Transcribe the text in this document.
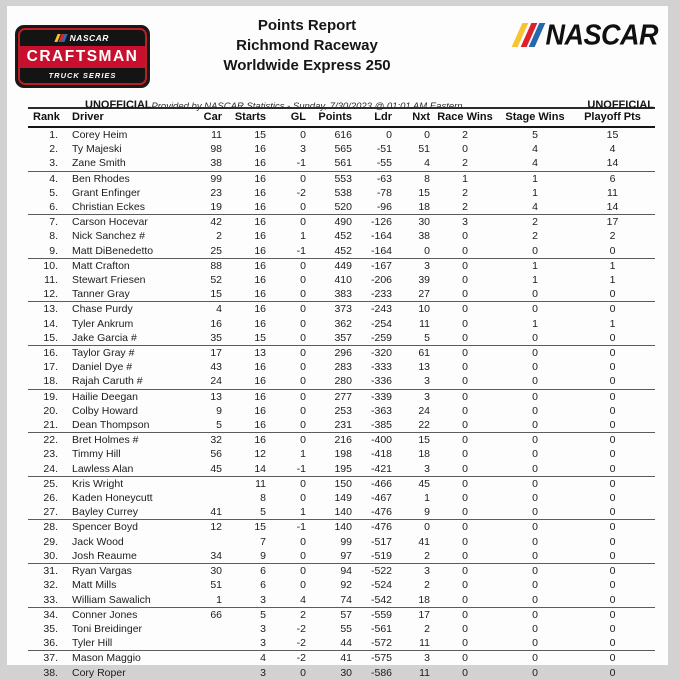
NASCAR
CRAFTSMAN
TRUCK SERIES
Points Report
Richmond Raceway
Worldwide Express 250
NASCAR
UNOFFICIAL Provided by NASCAR Statistics - Sunday, 7/30/2023 @ 01:01 AM Eastern	UNOFFICIAL
Rank	Driver	Car	Starts	GL	Points	Ldr	Nxt	Race Wins	Stage Wins	Playoff Pts
1.	Corey Heim	11	15	0	616	0	0	2	5	15
2.	Ty Majeski	98	16	3	565	-51	51	0	4	4
3.	Zane Smith	38	16	-1	561	-55	4	2	4	14
4.	Ben Rhodes	99	16	0	553	-63	8	1	1	6
5.	Grant Enfinger	23	16	-2	538	-78	15	2	1	11
6.	Christian Eckes	19	16	0	520	-96	18	2	4	14
7.	Carson Hocevar	42	16	0	490	-126	30	3	2	17
8.	Nick Sanchez #	2	16	1	452	-164	38	0	2	2
9.	Matt DiBenedetto	25	16	-1	452	-164	0	0	0	0
10.	Matt Crafton	88	16	0	449	-167	3	0	1	1
11.	Stewart Friesen	52	16	0	410	-206	39	0	1	1
12.	Tanner Gray	15	16	0	383	-233	27	0	0	0
13.	Chase Purdy	4	16	0	373	-243	10	0	0	0
14.	Tyler Ankrum	16	16	0	362	-254	11	0	1	1
15.	Jake Garcia #	35	15	0	357	-259	5	0	0	0
16.	Taylor Gray #	17	13	0	296	-320	61	0	0	0
17.	Daniel Dye #	43	16	0	283	-333	13	0	0	0
18.	Rajah Caruth #	24	16	0	280	-336	3	0	0	0
19.	Hailie Deegan	13	16	0	277	-339	3	0	0	0
20.	Colby Howard	9	16	0	253	-363	24	0	0	0
21.	Dean Thompson	5	16	0	231	-385	22	0	0	0
22.	Bret Holmes #	32	16	0	216	-400	15	0	0	0
23.	Timmy Hill	56	12	1	198	-418	18	0	0	0
24.	Lawless Alan	45	14	-1	195	-421	3	0	0	0
25.	Kris Wright		11	0	150	-466	45	0	0	0
26.	Kaden Honeycutt		8	0	149	-467	1	0	0	0
27.	Bayley Currey	41	5	1	140	-476	9	0	0	0
28.	Spencer Boyd	12	15	-1	140	-476	0	0	0	0
29.	Jack Wood		7	0	99	-517	41	0	0	0
30.	Josh Reaume	34	9	0	97	-519	2	0	0	0
31.	Ryan Vargas	30	6	0	94	-522	3	0	0	0
32.	Matt Mills	51	6	0	92	-524	2	0	0	0
33.	William Sawalich	1	3	4	74	-542	18	0	0	0
34.	Conner Jones	66	5	2	57	-559	17	0	0	0
35.	Toni Breidinger		3	-2	55	-561	2	0	0	0
36.	Tyler Hill		3	-2	44	-572	11	0	0	0
37.	Mason Maggio		4	-2	41	-575	3	0	0	0
38.	Cory Roper		3	0	30	-586	11	0	0	0
